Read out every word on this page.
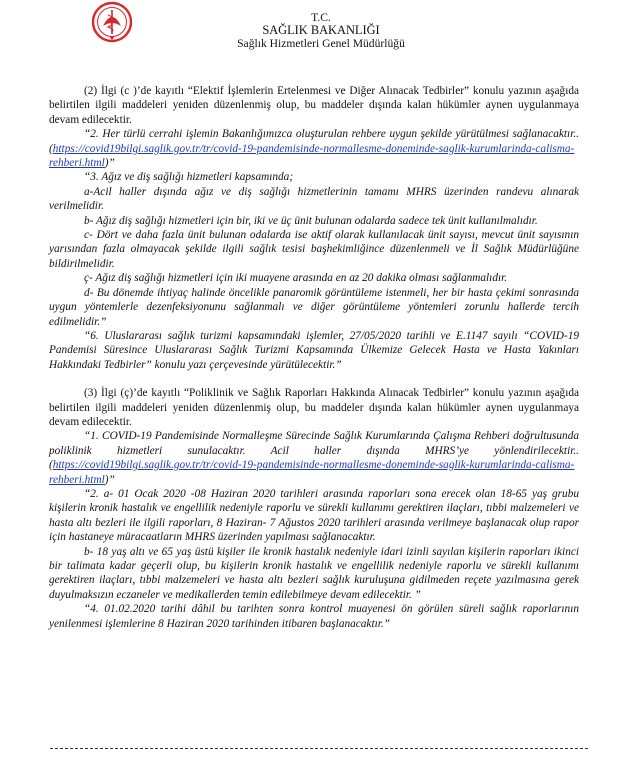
T.C.
SAĞLIK BAKANLIĞI
Sağlık Hizmetleri Genel Müdürlüğü

(2) İlgi (c )’de kayıtlı “Elektif İşlemlerin Ertelenmesi ve Diğer Alınacak Tedbirler” konulu yazının aşağıda belirtilen ilgili maddeleri yeniden düzenlenmiş olup, bu maddeler dışında kalan hükümler aynen uygulanmaya devam edilecektir.

“2. Her türlü cerrahi işlemin Bakanlığımızca oluşturulan rehbere uygun şekilde yürütülmesi sağlanacaktır.. (https://covid19bilgi.saglik.gov.tr/tr/covid-19-pandemisinde-normallesme-doneminde-saglik-kurumlarinda-calisma-rehberi.html)”

“3. Ağız ve diş sağlığı hizmetleri kapsamında;

a-Acil haller dışında ağız ve diş sağlığı hizmetlerinin tamamı MHRS üzerinden randevu alınarak verilmelidir.

b- Ağız diş sağlığı hizmetleri için bir, iki ve üç ünit bulunan odalarda sadece tek ünit kullanılmalıdır.

c- Dört ve daha fazla ünit bulunan odalarda ise aktif olarak kullanılacak ünit sayısı, mevcut ünit sayısının yarısından fazla olmayacak şekilde ilgili sağlık tesisi başhekimliğince düzenlenmeli ve İl Sağlık Müdürlüğüne bildirilmelidir.

ç- Ağız diş sağlığı hizmetleri için iki muayene arasında en az 20 dakika olması sağlanmalıdır.

d- Bu dönemde ihtiyaç halinde öncelikle panaromik görüntüleme istenmeli, her bir hasta çekimi sonrasında uygun yöntemlerle dezenfeksiyonunu sağlanmalı ve diğer görüntüleme yöntemleri zorunlu hallerde tercih edilmelidir.”

“6. Uluslararası sağlık turizmi kapsamındaki işlemler, 27/05/2020 tarihli ve E.1147 sayılı “COVID-19 Pandemisi Süresince Uluslararası Sağlık Turizmi Kapsamında Ülkemize Gelecek Hasta ve Hasta Yakınları Hakkındaki Tedbirler” konulu yazı çerçevesinde yürütülecektir.”

(3) İlgi (ç)’de kayıtlı “Poliklinik ve Sağlık Raporları Hakkında Alınacak Tedbirler” konulu yazının aşağıda belirtilen ilgili maddeleri yeniden düzenlenmiş olup, bu maddeler dışında kalan hükümler aynen uygulanmaya devam edilecektir.

“1. COVID-19 Pandemisinde Normalleşme Sürecinde Sağlık Kurumlarında Çalışma Rehberi doğrultusunda poliklinik hizmetleri sunulacaktır. Acil haller dışında MHRS’ye yönlendirilecektir.. (https://covid19bilgi.saglik.gov.tr/tr/covid-19-pandemisinde-normallesme-doneminde-saglik-kurumlarinda-calisma-rehberi.html)”

“2. a- 01 Ocak 2020 -08 Haziran 2020 tarihleri arasında raporları sona erecek olan 18-65 yaş grubu kişilerin kronik hastalık ve engellilik nedeniyle raporlu ve sürekli kullanımı gerektiren ilaçları, tıbbi malzemeleri ve hasta altı bezleri ile ilgili raporları, 8 Haziran- 7 Ağustos 2020 tarihleri arasında verilmeye başlanacak olup rapor için hastaneye müracaatların MHRS üzerinden yapılması sağlanacaktır.

b- 18 yaş altı ve 65 yaş üstü kişiler ile kronik hastalık nedeniyle idari izinli sayılan kişilerin raporları ikinci bir talimata kadar geçerli olup, bu kişilerin kronik hastalık ve engellilik nedeniyle raporlu ve sürekli kullanımı gerektiren ilaçları, tıbbi malzemeleri ve hasta altı bezleri sağlık kuruluşuna gidilmeden reçete yazılmasına gerek duyulmaksızın eczaneler ve medikallerden temin edilebilmeye devam edilecektir. ”

“4. 01.02.2020 tarihi dâhil bu tarihten sonra kontrol muayenesi ön görülen süreli sağlık raporlarının yenilenmesi işlemlerine 8 Haziran 2020 tarihinden itibaren başlanacaktır.”
